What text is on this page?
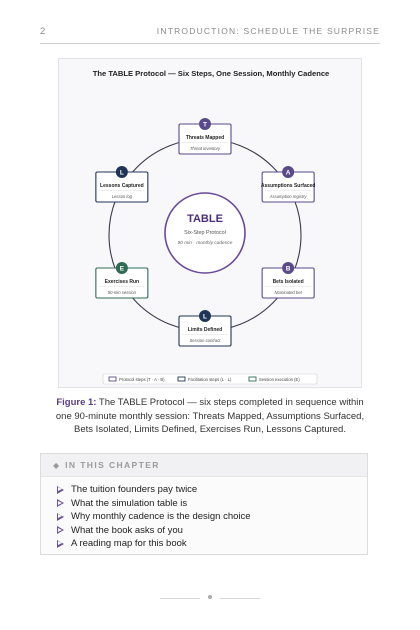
2	INTRODUCTION: SCHEDULE THE SURPRISE
The TABLE Protocol — Six Steps, One Session, Monthly Cadence
TABLE
Six-Step Protocol
90 min · monthly cadence
Threats Mapped
Threat inventory
T
Assumptions Surfaced
Assumption registry
A
Bets Isolated
Nominated bet
B
Limits Defined
Session contract
L
Exercises Run
90-min session
E
Lessons Captured
Lesson log
L
Protocol steps (T · A · B)	Facilitation steps (L · L)	Session execution (E)

Figure 1: The TABLE Protocol — six steps completed in sequence within one 90-minute monthly session: Threats Mapped, Assumptions Surfaced, Bets Isolated, Limits Defined, Exercises Run, Lessons Captured.

◆ IN THIS CHAPTER
The tuition founders pay twice
What the simulation table is
Why monthly cadence is the design choice
What the book asks of you
A reading map for this book
